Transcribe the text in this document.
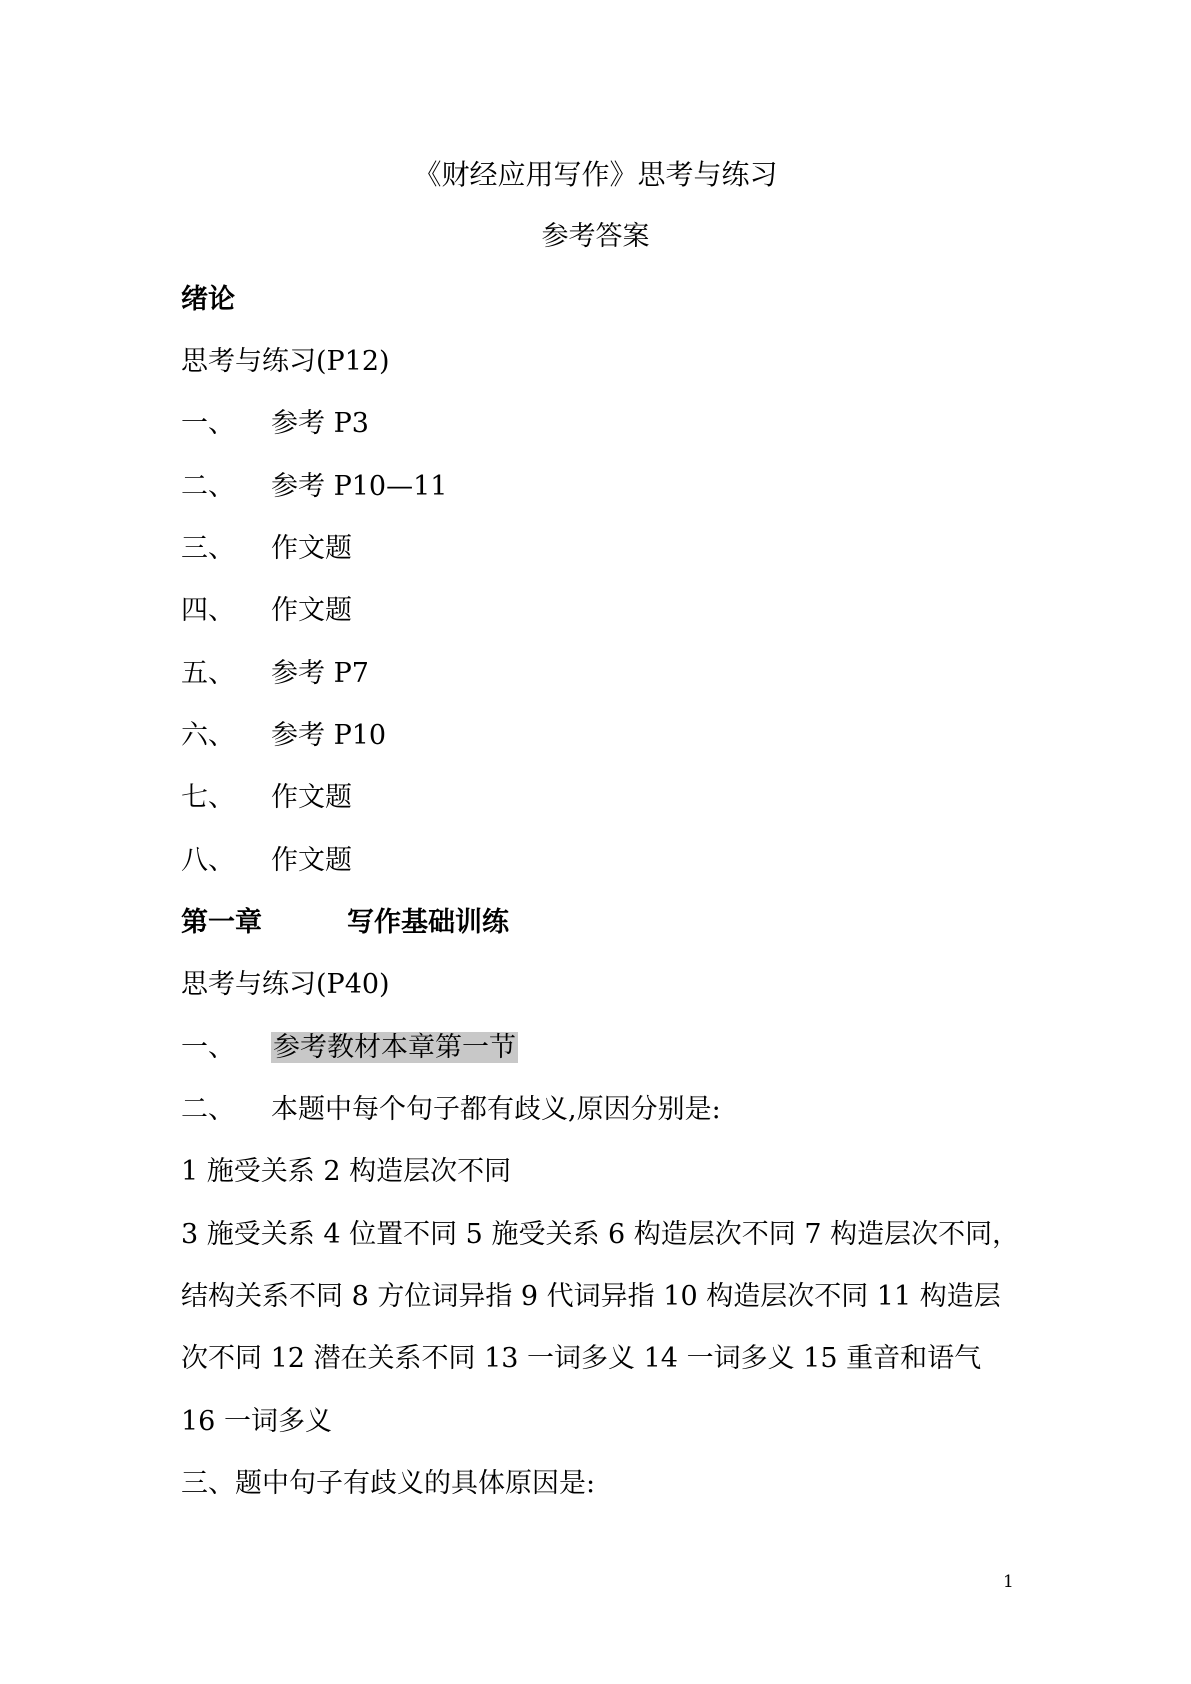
《财经应用写作》思考与练习
参考答案
绪论
思考与练习(P12)
一、 参考 P3
二、 参考 P10—11
三、 作文题
四、 作文题
五、 参考 P7
六、 参考 P10
七、 作文题
八、 作文题
第一章	写作基础训练
思考与练习(P40)
一、 参考教材本章第一节
二、 本题中每个句子都有歧义,原因分别是:
1 施受关系 2 构造层次不同
3 施受关系 4 位置不同 5 施受关系 6 构造层次不同 7 构造层次不同，
结构关系不同 8 方位词异指 9 代词异指 10 构造层次不同 11 构造层
次不同 12 潜在关系不同 13 一词多义 14 一词多义 15 重音和语气
16 一词多义
三、题中句子有歧义的具体原因是:
1
